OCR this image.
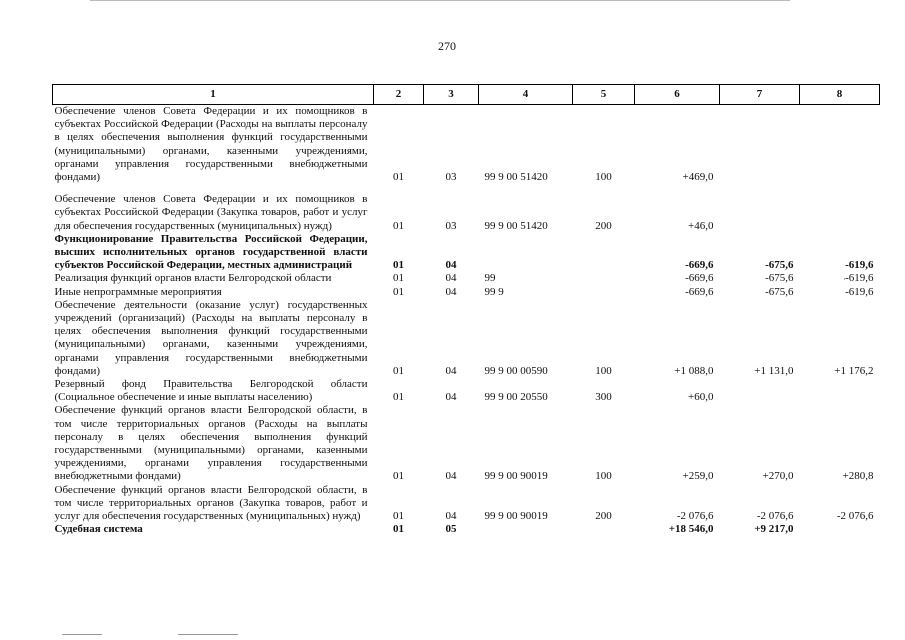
270
1	2	3	4	5	6	7	8
Обеспечение членов Совета Федерации и их помощников в субъектах Российской Федерации (Расходы на выплаты персоналу в целях обеспечения выполнения функций государственными (муниципальными) органами, казенными учреждениями, органами управления государственными внебюджетными фондами)	01	03	99 9 00 51420	100	+469,0		

Обеспечение членов Совета Федерации и их помощников в субъектах Российской Федерации (Закупка товаров, работ и услуг для обеспечения государственных (муниципальных) нужд)	01	03	99 9 00 51420	200	+46,0		
Функционирование Правительства Российской Федерации, высших исполнительных органов государственной власти субъектов Российской Федерации, местных администраций	01	04			-669,6	-675,6	-619,6
Реализация функций органов власти Белгородской области	01	04	99		-669,6	-675,6	-619,6
Иные непрограммные мероприятия	01	04	99 9		-669,6	-675,6	-619,6
Обеспечение деятельности (оказание услуг) государственных учреждений (организаций) (Расходы на выплаты персоналу в целях обеспечения выполнения функций государственными (муниципальными) органами, казенными учреждениями, органами управления государственными внебюджетными фондами)	01	04	99 9 00 00590	100	+1 088,0	+1 131,0	+1 176,2
Резервный фонд Правительства Белгородской области (Социальное обеспечение и иные выплаты населению)	01	04	99 9 00 20550	300	+60,0		
Обеспечение функций органов власти Белгородской области, в том числе территориальных органов (Расходы на выплаты персоналу в целях обеспечения выполнения функций государственными (муниципальными) органами, казенными учреждениями, органами управления государственными внебюджетными фондами)	01	04	99 9 00 90019	100	+259,0	+270,0	+280,8
Обеспечение функций органов власти Белгородской области, в том числе территориальных органов (Закупка товаров, работ и услуг для обеспечения государственных (муниципальных) нужд)	01	04	99 9 00 90019	200	-2 076,6	-2 076,6	-2 076,6
Судебная система	01	05			+18 546,0	+9 217,0	
·
